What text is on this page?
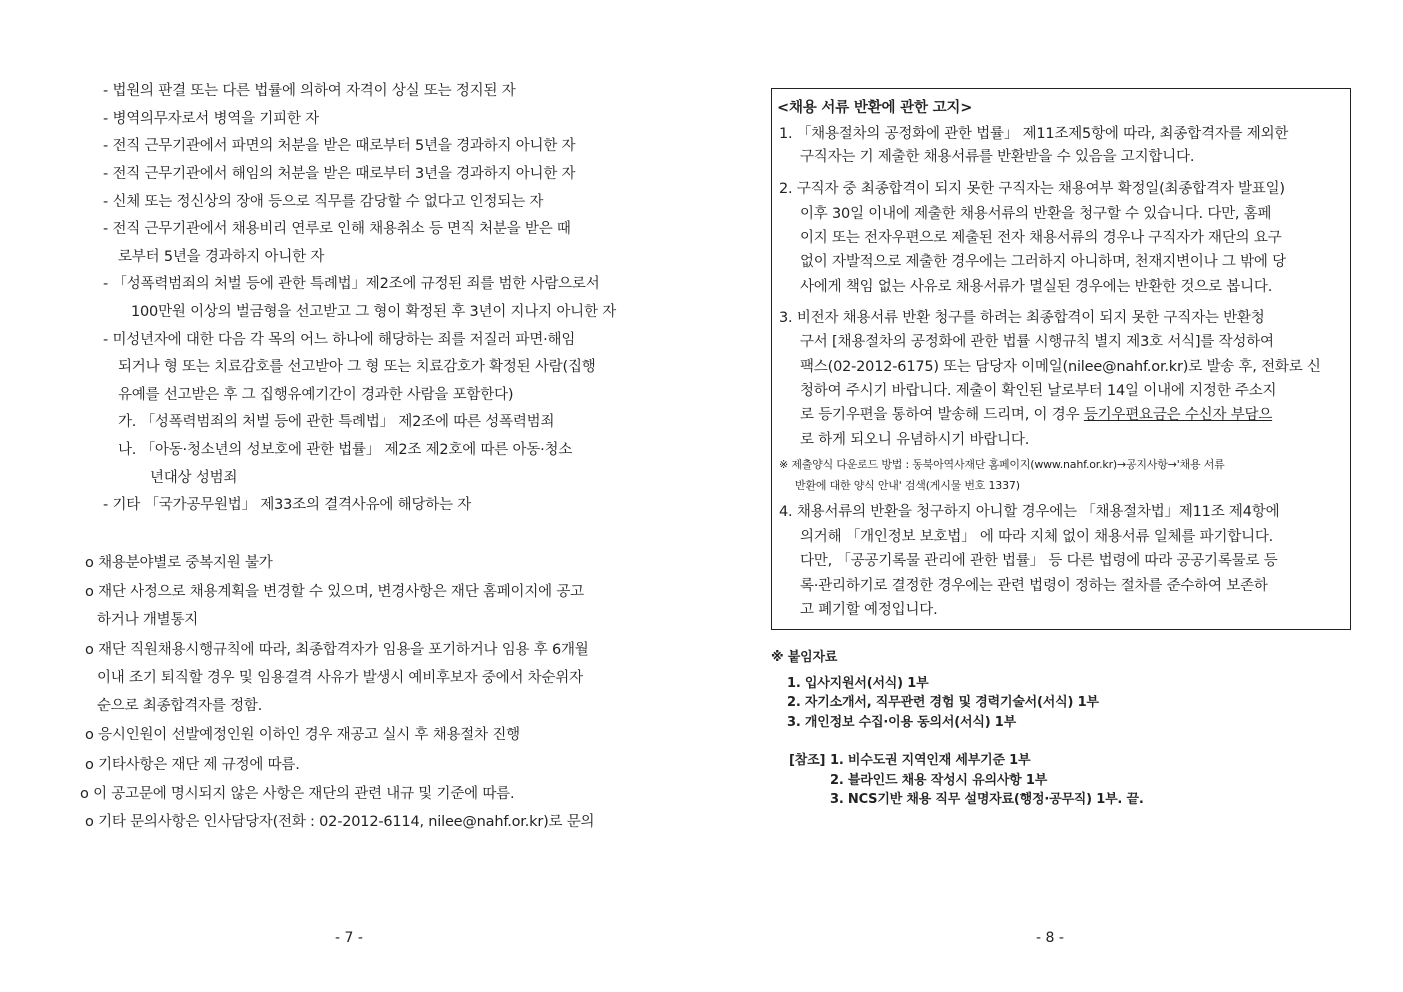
- 법원의 판결 또는 다른 법률에 의하여 자격이 상실 또는 정지된 자
- 병역의무자로서 병역을 기피한 자
- 전직 근무기관에서 파면의 처분을 받은 때로부터 5년을 경과하지 아니한 자
- 전직 근무기관에서 해임의 처분을 받은 때로부터 3년을 경과하지 아니한 자
- 신체 또는 정신상의 장애 등으로 직무를 감당할 수 없다고 인정되는 자
- 전직 근무기관에서 채용비리 연루로 인해 채용취소 등 면직 처분을 받은 때
로부터 5년을 경과하지 아니한 자
- 「성폭력범죄의 처벌 등에 관한 특례법」제2조에 규정된 죄를 범한 사람으로서
100만원 이상의 벌금형을 선고받고 그 형이 확정된 후 3년이 지나지 아니한 자
- 미성년자에 대한 다음 각 목의 어느 하나에 해당하는 죄를 저질러 파면·해임
되거나 형 또는 치료감호를 선고받아 그 형 또는 치료감호가 확정된 사람(집행
유예를 선고받은 후 그 집행유예기간이 경과한 사람을 포함한다)
가. 「성폭력범죄의 처벌 등에 관한 특례법」 제2조에 따른 성폭력범죄
나. 「아동·청소년의 성보호에 관한 법률」 제2조 제2호에 따른 아동·청소
년대상 성범죄
- 기타 「국가공무원법」 제33조의 결격사유에 해당하는 자
o 채용분야별로 중복지원 불가
o 재단 사정으로 채용계획을 변경할 수 있으며, 변경사항은 재단 홈페이지에 공고
하거나 개별통지
o 재단 직원채용시행규칙에 따라, 최종합격자가 임용을 포기하거나 임용 후 6개월
이내 조기 퇴직할 경우 및 임용결격 사유가 발생시 예비후보자 중에서 차순위자
순으로 최종합격자를 정함.
o 응시인원이 선발예정인원 이하인 경우 재공고 실시 후 채용절차 진행
o 기타사항은 재단 제 규정에 따름.
o 이 공고문에 명시되지 않은 사항은 재단의 관련 내규 및 기준에 따름.
o 기타 문의사항은 인사담당자(전화 : 02-2012-6114, nilee@nahf.or.kr)로 문의
- 7 -
<채용 서류 반환에 관한 고지>
1. 「채용절차의 공정화에 관한 법률」 제11조제5항에 따라, 최종합격자를 제외한
구직자는 기 제출한 채용서류를 반환받을 수 있음을 고지합니다.
2. 구직자 중 최종합격이 되지 못한 구직자는 채용여부 확정일(최종합격자 발표일)
이후 30일 이내에 제출한 채용서류의 반환을 청구할 수 있습니다. 다만, 홈페
이지 또는 전자우편으로 제출된 전자 채용서류의 경우나 구직자가 재단의 요구
없이 자발적으로 제출한 경우에는 그러하지 아니하며, 천재지변이나 그 밖에 당
사에게 책임 없는 사유로 채용서류가 멸실된 경우에는 반환한 것으로 봅니다.
3. 비전자 채용서류 반환 청구를 하려는 최종합격이 되지 못한 구직자는 반환청
구서 [채용절차의 공정화에 관한 법률 시행규칙 별지 제3호 서식]를 작성하여
팩스(02-2012-6175) 또는 담당자 이메일(nilee@nahf.or.kr)로 발송 후, 전화로 신
청하여 주시기 바랍니다. 제출이 확인된 날로부터 14일 이내에 지정한 주소지
로 등기우편을 통하여 발송해 드리며, 이 경우 등기우편요금은 수신자 부담으
로 하게 되오니 유념하시기 바랍니다.
※ 제출양식 다운로드 방법 : 동북아역사재단 홈페이지(www.nahf.or.kr)→공지사항→'채용 서류
반환에 대한 양식 안내' 검색(게시물 번호 1337)
4. 채용서류의 반환을 청구하지 아니할 경우에는 「채용절차법」제11조 제4항에
의거해 「개인정보 보호법」 에 따라 지체 없이 채용서류 일체를 파기합니다.
다만, 「공공기록물 관리에 관한 법률」 등 다른 법령에 따라 공공기록물로 등
록·관리하기로 결정한 경우에는 관련 법령이 정하는 절차를 준수하여 보존하
고 폐기할 예정입니다.
※ 붙임자료
1. 입사지원서(서식) 1부
2. 자기소개서, 직무관련 경험 및 경력기술서(서식) 1부
3. 개인정보 수집·이용 동의서(서식) 1부
[참조] 1. 비수도권 지역인재 세부기준 1부
2. 블라인드 채용 작성시 유의사항 1부
3. NCS기반 채용 직무 설명자료(행정·공무직) 1부. 끝.
- 8 -
